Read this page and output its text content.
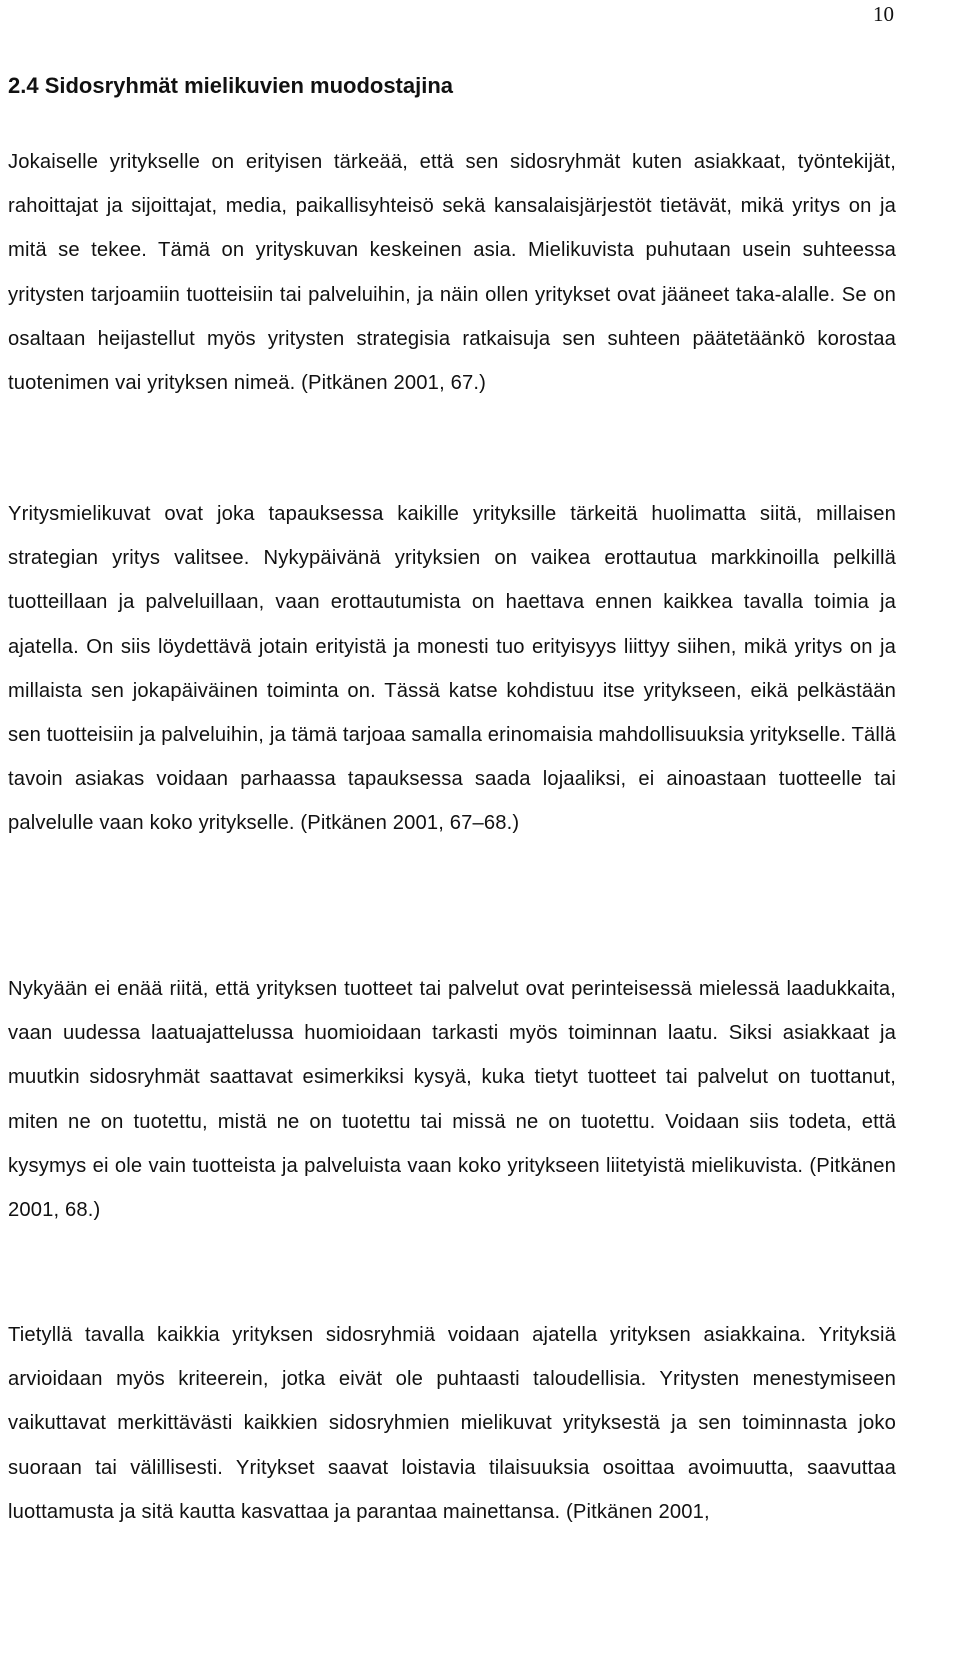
10
2.4 Sidosryhmät mielikuvien muodostajina

Jokaiselle yritykselle on erityisen tärkeää, että sen sidosryhmät kuten asiakkaat, työntekijät, rahoittajat ja sijoittajat, media, paikallisyhteisö sekä kansalaisjärjestöt tietävät, mikä yritys on ja mitä se tekee. Tämä on yrityskuvan keskeinen asia. Mielikuvista puhutaan usein suhteessa yritysten tarjoamiin tuotteisiin tai palveluihin, ja näin ollen yritykset ovat jääneet taka-alalle. Se on osaltaan heijastellut myös yritysten strategisia ratkaisuja sen suhteen päätetäänkö korostaa tuotenimen vai yrityksen nimeä. (Pitkänen 2001, 67.)

Yritysmielikuvat ovat joka tapauksessa kaikille yrityksille tärkeitä huolimatta siitä, millaisen strategian yritys valitsee. Nykypäivänä yrityksien on vaikea erottautua markkinoilla pelkillä tuotteillaan ja palveluillaan, vaan erottautumista on haettava ennen kaikkea tavalla toimia ja ajatella. On siis löydettävä jotain erityistä ja monesti tuo erityisyys liittyy siihen, mikä yritys on ja millaista sen jokapäiväinen toiminta on. Tässä katse kohdistuu itse yritykseen, eikä pelkästään sen tuotteisiin ja palveluihin, ja tämä tarjoaa samalla erinomaisia mahdollisuuksia yritykselle. Tällä tavoin asiakas voidaan parhaassa tapauksessa saada lojaaliksi, ei ainoastaan tuotteelle tai palvelulle vaan koko yritykselle. (Pitkänen 2001, 67–68.)

Nykyään ei enää riitä, että yrityksen tuotteet tai palvelut ovat perinteisessä mielessä laadukkaita, vaan uudessa laatuajattelussa huomioidaan tarkasti myös toiminnan laatu. Siksi asiakkaat ja muutkin sidosryhmät saattavat esimerkiksi kysyä, kuka tietyt tuotteet tai palvelut on tuottanut, miten ne on tuotettu, mistä ne on tuotettu tai missä ne on tuotettu. Voidaan siis todeta, että kysymys ei ole vain tuotteista ja palveluista vaan koko yritykseen liitetyistä mielikuvista. (Pitkänen 2001, 68.)

Tietyllä tavalla kaikkia yrityksen sidosryhmiä voidaan ajatella yrityksen asiakkaina. Yrityksiä arvioidaan myös kriteerein, jotka eivät ole puhtaasti taloudellisia. Yritysten menestymiseen vaikuttavat merkittävästi kaikkien sidosryhmien mielikuvat yrityksestä ja sen toiminnasta joko suoraan tai välillisesti. Yritykset saavat loistavia tilaisuuksia osoittaa avoimuutta, saavuttaa luottamusta ja sitä kautta kasvattaa ja parantaa mainettansa. (Pitkänen 2001,
